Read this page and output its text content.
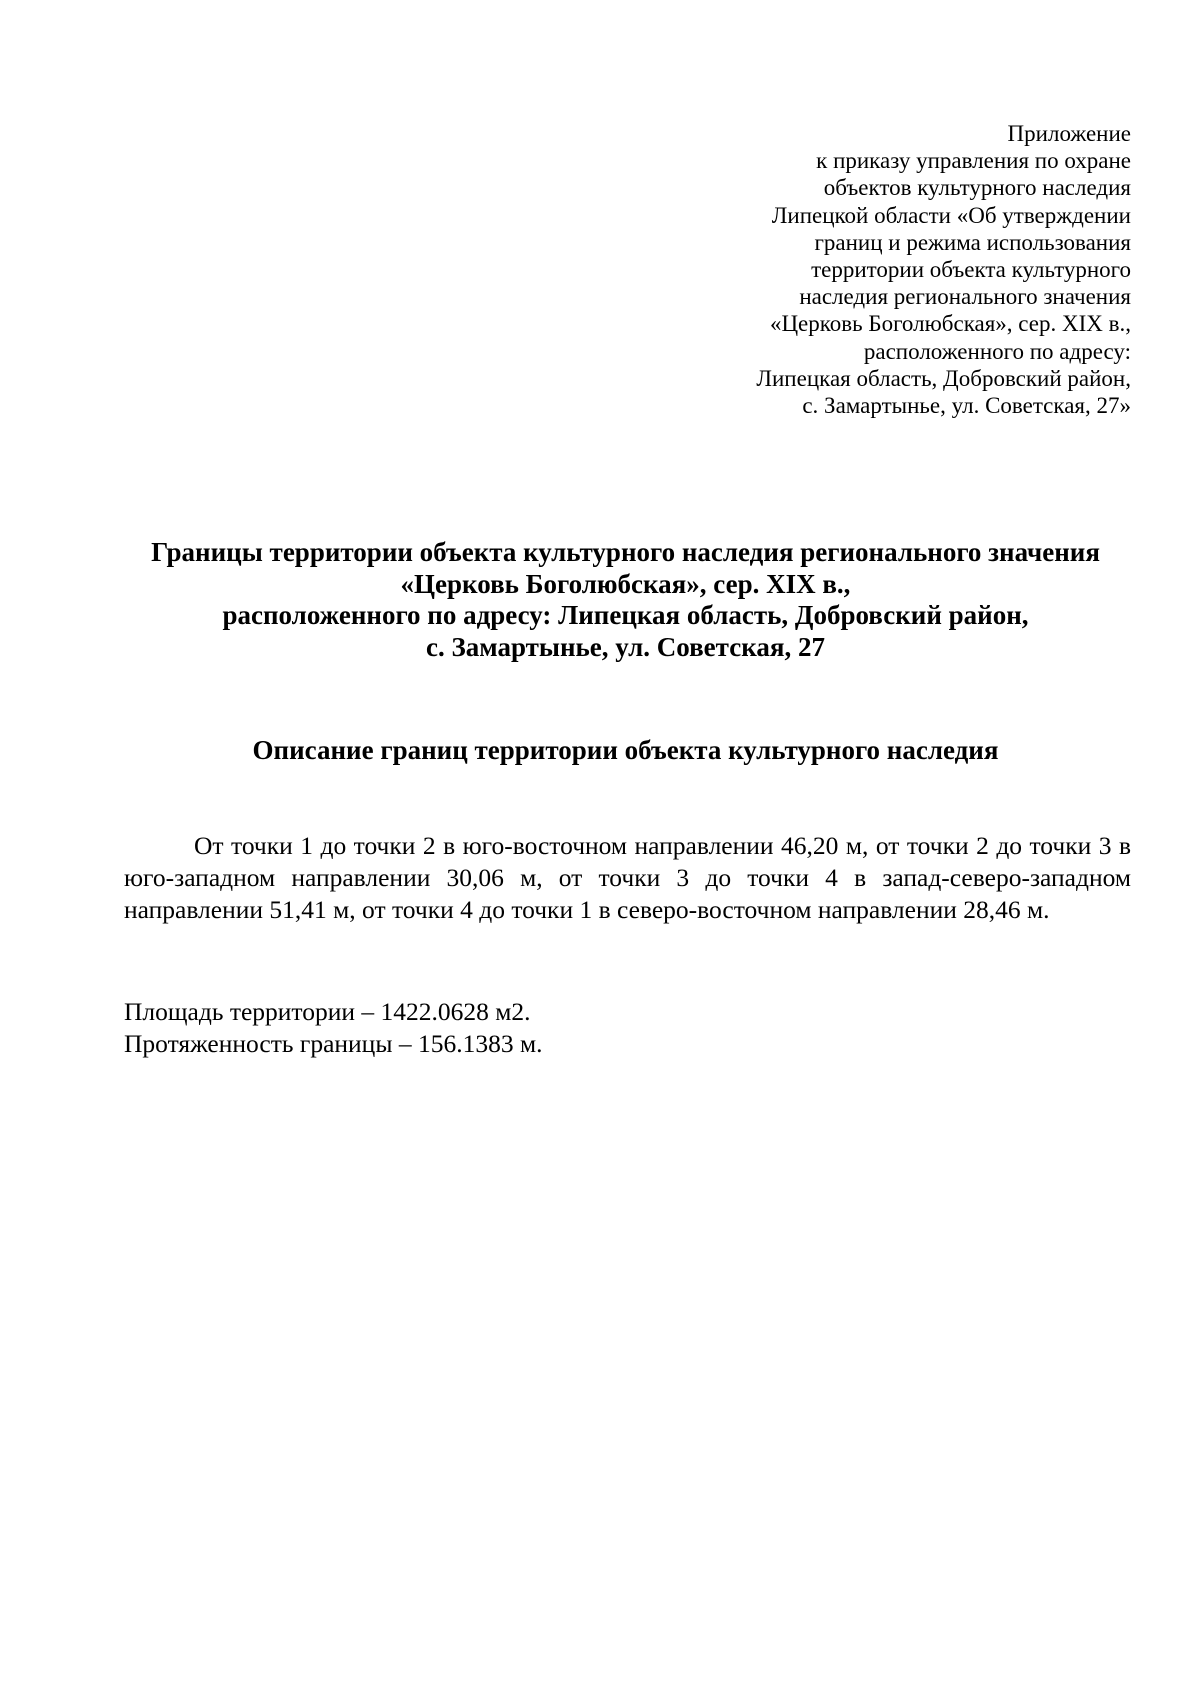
Приложение
к приказу управления по охране
объектов культурного наследия
Липецкой области «Об утверждении
границ и режима использования
территории объекта культурного
наследия регионального значения
«Церковь Боголюбская», сер. XIX в.,
расположенного по адресу:
Липецкая область, Добровский район,
с. Замартынье, ул. Советская, 27»
Границы территории объекта культурного наследия регионального значения
«Церковь Боголюбская», сер. XIX в.,
расположенного по адресу: Липецкая область, Добровский район,
с. Замартынье, ул. Советская, 27
Описание границ территории объекта культурного наследия

От точки 1 до точки 2 в юго-восточном направлении 46,20 м, от точки 2 до точки 3 в юго-западном направлении 30,06 м, от точки 3 до точки 4 в запад-северо-западном направлении 51,41 м, от точки 4 до точки 1 в северо-восточном направлении 28,46 м.

Площадь территории – 1422.0628 м2.
Протяженность границы – 156.1383 м.
